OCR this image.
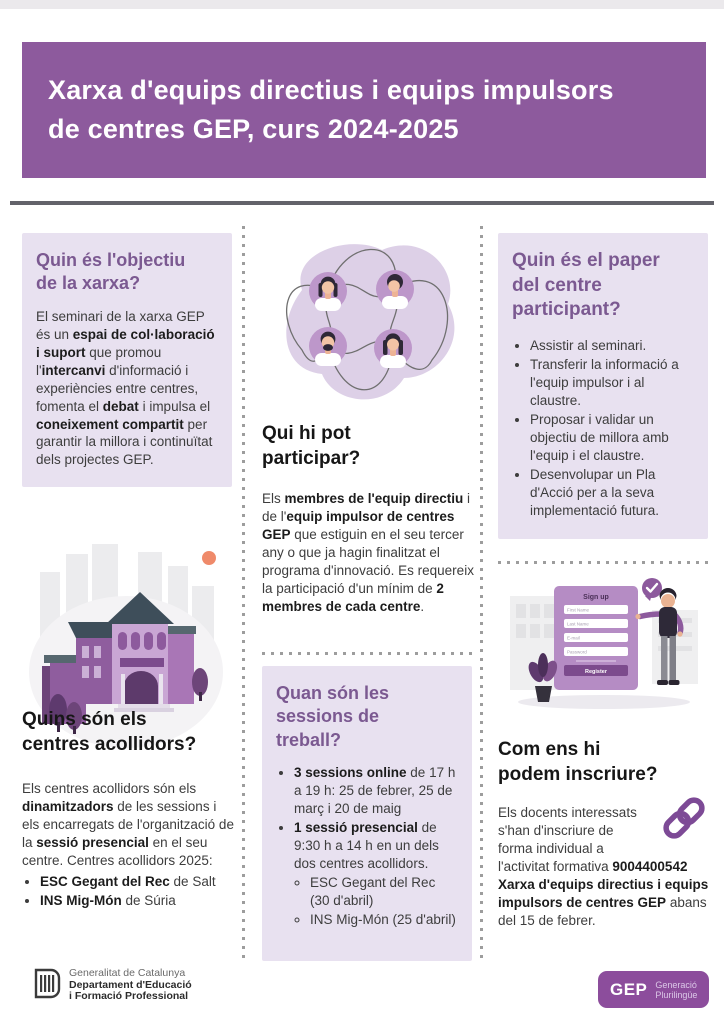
Xarxa d'equips directius i equips impulsors
de centres GEP, curs 2024-2025
Quin és l'objectiu
de la xarxa?

El seminari de la xarxa GEP és un espai de col·laboració i suport que promou l'intercanvi d'informació i experiències entre centres, fomenta el debat i impulsa el coneixement compartit per garantir la millora i continuïtat dels projectes GEP.

Quins són els
centres acollidors?

Els centres acollidors són els dinamitzadors de les sessions i els encarregats de l'organització de la sessió presencial en el seu centre. Centres acollidors 2025:

• ESC Gegant del Rec de Salt
• INS Mig-Món de Súria
Qui hi pot
participar?

Els membres de l'equip directiu i de l'equip impulsor de centres GEP que estiguin en el seu tercer any o que ja hagin finalitzat el programa d'innovació. Es requereix la participació d'un mínim de 2 membres de cada centre.

Quan són les
sessions de
treball?
• 3 sessions online de 17 h a 19 h: 25 de febrer, 25 de març i 20 de maig
• 1 sessió presencial de 9:30 h a 14 h en un dels dos centres acollidors.
◦ ESC Gegant del Rec (30 d'abril)
◦ INS Mig-Món (25 d'abril)
Quin és el paper
del centre
participant?
• Assistir al seminari.
• Transferir la informació a l'equip impulsor i al claustre.
• Proposar i validar un objectiu de millora amb l'equip i el claustre.
• Desenvolupar un Pla d'Acció per a la seva implementació futura.
Sign up
First Name
Last Name
E-mail
Password
Register
Com ens hi
podem inscriure?

Els docents interessats s'han d'inscriure de forma individual a l'activitat formativa 9004400542 Xarxa d'equips directius i equips impulsors de centres GEP abans del 15 de febrer.

Generalitat de Catalunya
Departament d'Educació
i Formació Professional	GEP Generació
Plurilingüe
